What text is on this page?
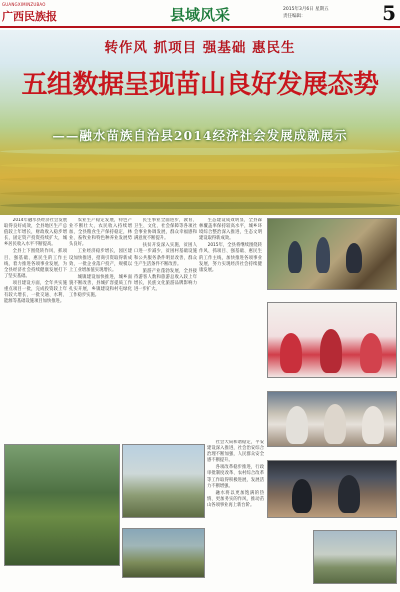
GUANGXIMINZUBAO
广西民族报	县域风采	2015年3月6日 星期五
责任编辑：	5
转作风 抓项目 强基础 惠民生
五组数据呈现苗山良好发展态势
——融水苗族自治县2014经济社会发展成就展示

2014年融水县经济社会发展取得良好成效，全县地区生产总值较上年增长，财政收入稳步增长，固定资产投资持续扩大，城乡居民收入水平不断提高。

全县上下围绕转作风、抓项目、强基础、惠民生的工作主线，着力推进各项事业发展，为全县经济社会持续健康发展打下了坚实基础。

项目建设方面，全年共实施重点项目一批，完成投资较上年有较大增长，一批交通、水利、能源等基础设施项目加快推进。

农业生产稳定发展，特色产业不断壮大，农民收入持续增加，全县粮食生产保持稳定，林业、畜牧业和特色种养业发展势头良好。

工业经济稳步增长，园区建设加快推进，招商引资取得新成效，一批企业落户投产，规模以上工业增加值实现增长。

城镇建设加快推进，城乡面貌不断改善，县城扩容提质工作扎实开展，乡镇建设和村屯绿化工作稳步实施。

民生事业全面进步，教育、卫生、文化、社会保障等各项社会事业协调发展，群众幸福感和满意度不断提升。

扶贫开发深入实施，贫困人口进一步减少，贫困村基础设施和公共服务条件明显改善，群众生产生活条件不断改善。

旅游产业蓬勃发展，全县接待游客人数和旅游总收入较上年增长，民族文化旅游品牌影响力进一步扩大。

生态建设成效明显，全县森林覆盖率保持较高水平，城乡环境综合整治深入推进，生态文明建设取得新成效。

2015年，全县将继续围绕转作风、抓项目、强基础、惠民生的工作主线，加快推进各项事业发展，努力实现经济社会持续健康发展。

社会大局和谐稳定，平安建设深入推进，社会治安综合治理不断加强，人民群众安全感不断提升。

各项改革稳步推进，行政审批制度改革、农村综合改革等工作取得积极进展，发展活力不断增强。

融水将以更加饱满的热情、更加务实的作风，推动苗山各项事业再上新台阶。
